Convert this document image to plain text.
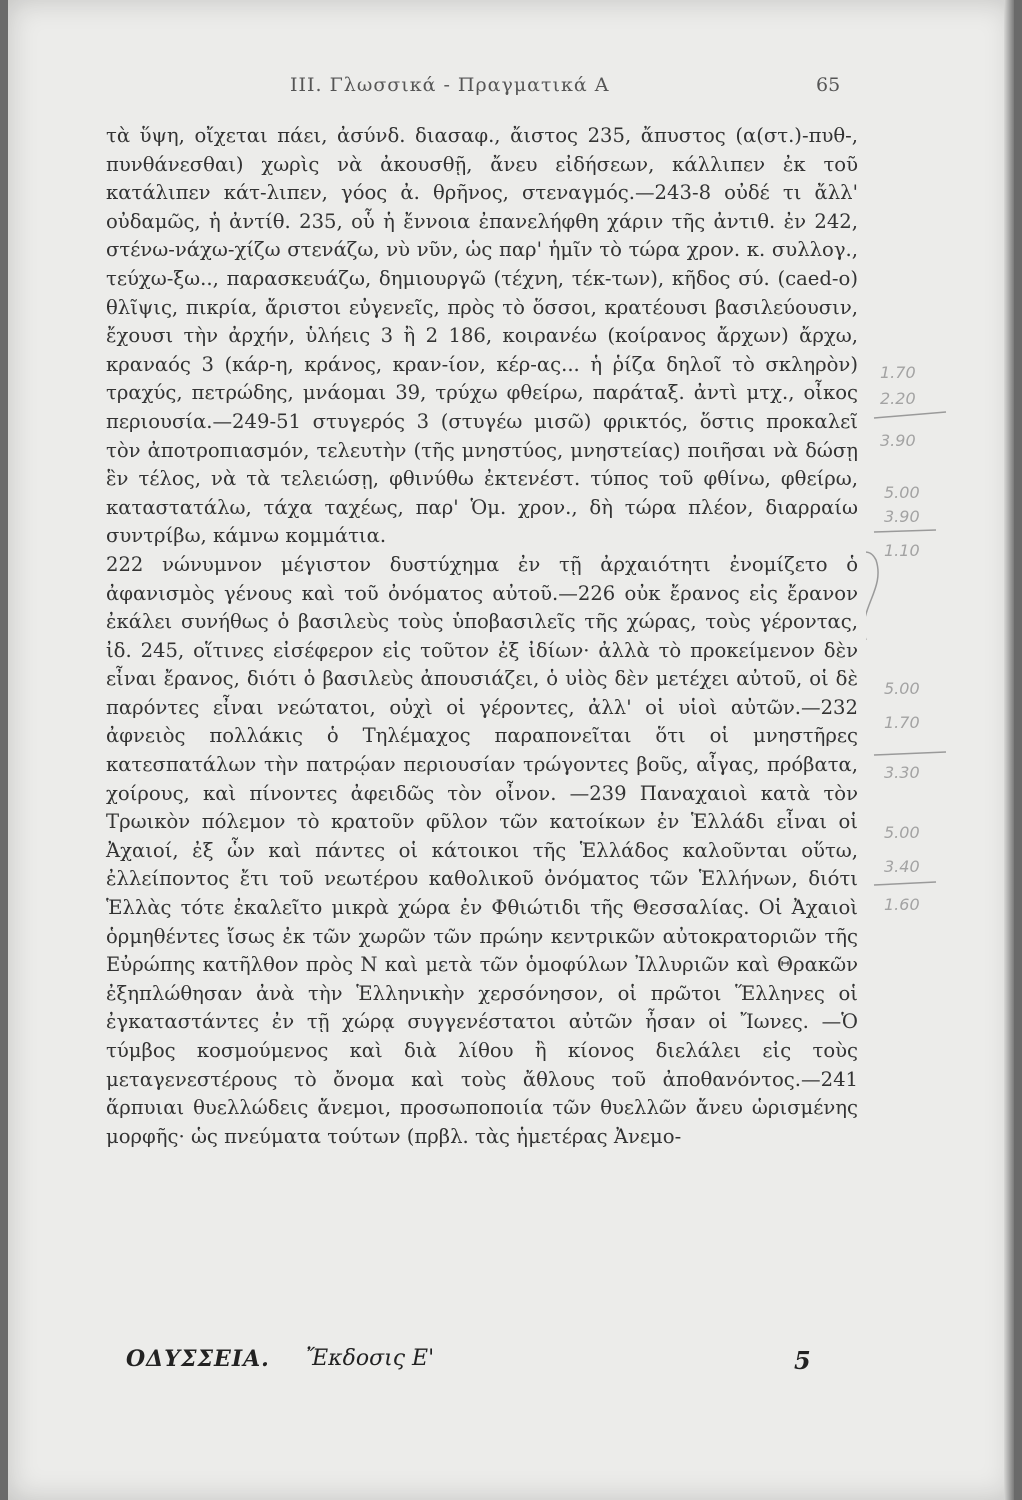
III. Γλωσσικά - Πραγματικά Α	65

τὰ ὕψη, οἴχεται πάει, ἀσύνδ. διασαφ., ἄιστος 235, ἄπυστος (α(στ.)-πυθ-, πυνθάνεσθαι) χωρὶς νὰ ἀκουσθῇ, ἄνευ εἰδήσεων, κάλλιπεν ἐκ τοῦ κατάλιπεν κάτ-λιπεν, γόος ἀ. θρῆνος, στεναγμός.—243-8 οὐδέ τι ἄλλ' οὐδαμῶς, ἡ ἀντίθ. 235, οὗ ἡ ἔννοια ἐπανελήφθη χάριν τῆς ἀντιθ. ἐν 242, στένω-νάχω-χίζω στενάζω, νὺ νῦν, ὡς παρ' ἡμῖν τὸ τώρα χρον. κ. συλλογ., τεύχω-ξω.., παρασκευάζω, δημιουργῶ (τέχνη, τέκ-των), κῆδος σύ. (caed-o) θλῖψις, πικρία, ἄριστοι εὐγενεῖς, πρὸς τὸ ὅσσοι, κρατέουσι βασιλεύουσιν, ἔχουσι τὴν ἀρχήν, ὑλήεις 3 ἢ 2 186, κοιρανέω (κοίρανος ἄρχων) ἄρχω, κραναός 3 (κάρ-η, κράνος, κραν-ίον, κέρ-ας... ἡ ῥίζα δηλοῖ τὸ σκληρὸν) τραχύς, πετρώδης, μνάομαι 39, τρύχω φθείρω, παράταξ. ἀντὶ μτχ., οἶκος περιουσία.—249-51 στυγερός 3 (στυγέω μισῶ) φρικτός, ὅστις προκαλεῖ τὸν ἀποτροπιασμόν, τελευτὴν (τῆς μνηστύος, μνηστείας) ποιῆσαι νὰ δώσῃ ἓν τέλος, νὰ τὰ τελειώσῃ, φθινύθω ἐκτενέστ. τύπος τοῦ φθίνω, φθείρω, καταστατάλω, τάχα ταχέως, παρ' Ὁμ. χρον., δὴ τώρα πλέον, διαρραίω συντρίβω, κάμνω κομμάτια.

222 νώνυμνον μέγιστον δυστύχημα ἐν τῇ ἀρχαιότητι ἐνομίζετο ὁ ἀφανισμὸς γένους καὶ τοῦ ὀνόματος αὐτοῦ.—226 οὐκ ἔρανος εἰς ἔρανον ἐκάλει συνήθως ὁ βασιλεὺς τοὺς ὑποβασιλεῖς τῆς χώρας, τοὺς γέροντας, ἰδ. 245, οἵτινες εἰσέφερον εἰς τοῦτον ἐξ ἰδίων· ἀλλὰ τὸ προκείμενον δὲν εἶναι ἔρανος, διότι ὁ βασιλεὺς ἀπουσιάζει, ὁ υἱὸς δὲν μετέχει αὐτοῦ, οἱ δὲ παρόντες εἶναι νεώτατοι, οὐχὶ οἱ γέροντες, ἀλλ' οἱ υἱοὶ αὐτῶν.—232 ἀφνειὸς πολλάκις ὁ Τηλέμαχος παραπονεῖται ὅτι οἱ μνηστῆρες κατεσπατάλων τὴν πατρῴαν περιουσίαν τρώγοντες βοῦς, αἶγας, πρόβατα, χοίρους, καὶ πίνοντες ἀφειδῶς τὸν οἶνον. —239 Παναχαιοὶ κατὰ τὸν Τρωικὸν πόλεμον τὸ κρατοῦν φῦλον τῶν κατοίκων ἐν Ἑλλάδι εἶναι οἱ Ἀχαιοί, ἐξ ὧν καὶ πάντες οἱ κάτοικοι τῆς Ἑλλάδος καλοῦνται οὕτω, ἐλλείποντος ἔτι τοῦ νεωτέρου καθολικοῦ ὀνόματος τῶν Ἑλλήνων, διότι Ἑλλὰς τότε ἐκαλεῖτο μικρὰ χώρα ἐν Φθιώτιδι τῆς Θεσσαλίας. Οἱ Ἀχαιοὶ ὁρμηθέντες ἴσως ἐκ τῶν χωρῶν τῶν πρώην κεντρικῶν αὐτοκρατοριῶν τῆς Εὐρώπης κατῆλθον πρὸς Ν καὶ μετὰ τῶν ὁμοφύλων Ἰλλυριῶν καὶ Θρακῶν ἐξηπλώθησαν ἀνὰ τὴν Ἑλληνικὴν χερσόνησον, οἱ πρῶτοι Ἕλληνες οἱ ἐγκαταστάντες ἐν τῇ χώρᾳ συγγενέστατοι αὐτῶν ἦσαν οἱ Ἴωνες. —Ὁ τύμβος κοσμούμενος καὶ διὰ λίθου ἢ κίονος διελάλει εἰς τοὺς μεταγενεστέρους τὸ ὄνομα καὶ τοὺς ἄθλους τοῦ ἀποθανόντος.—241 ἅρπυιαι θυελλώδεις ἄνεμοι, προσωποποιία τῶν θυελλῶν ἄνευ ὡρισμένης μορφῆς· ὡς πνεύματα τούτων (πρβλ. τὰς ἡμετέρας Ἀνεμο-

ΟΔΥΣΣΕΙΑ. Ἔκδοσις Ε'	5
1.70
2.20
3.90
5.00
3.90
1.10
5.00
1.70
3.30
5.00
3.40
1.60
